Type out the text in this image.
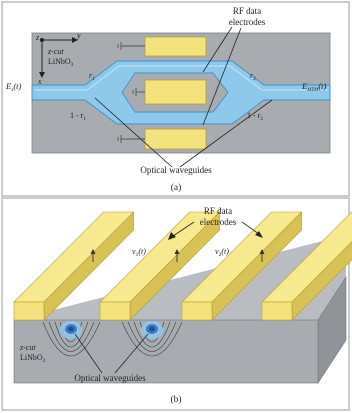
z	y
x
z-cut
LiNbO$_3$
$r_1$	$r_2$
$1 - r_1$	$1 - r_2$
$E_s(t)$	$E_{MZM}(t)$
RF data
electrodes
Optical waveguides
(a)
$v_1(t)$	$v_2(t)$
z-cut
LiNbO$_3$
RF data
electrodes
Optical waveguides
(b)
